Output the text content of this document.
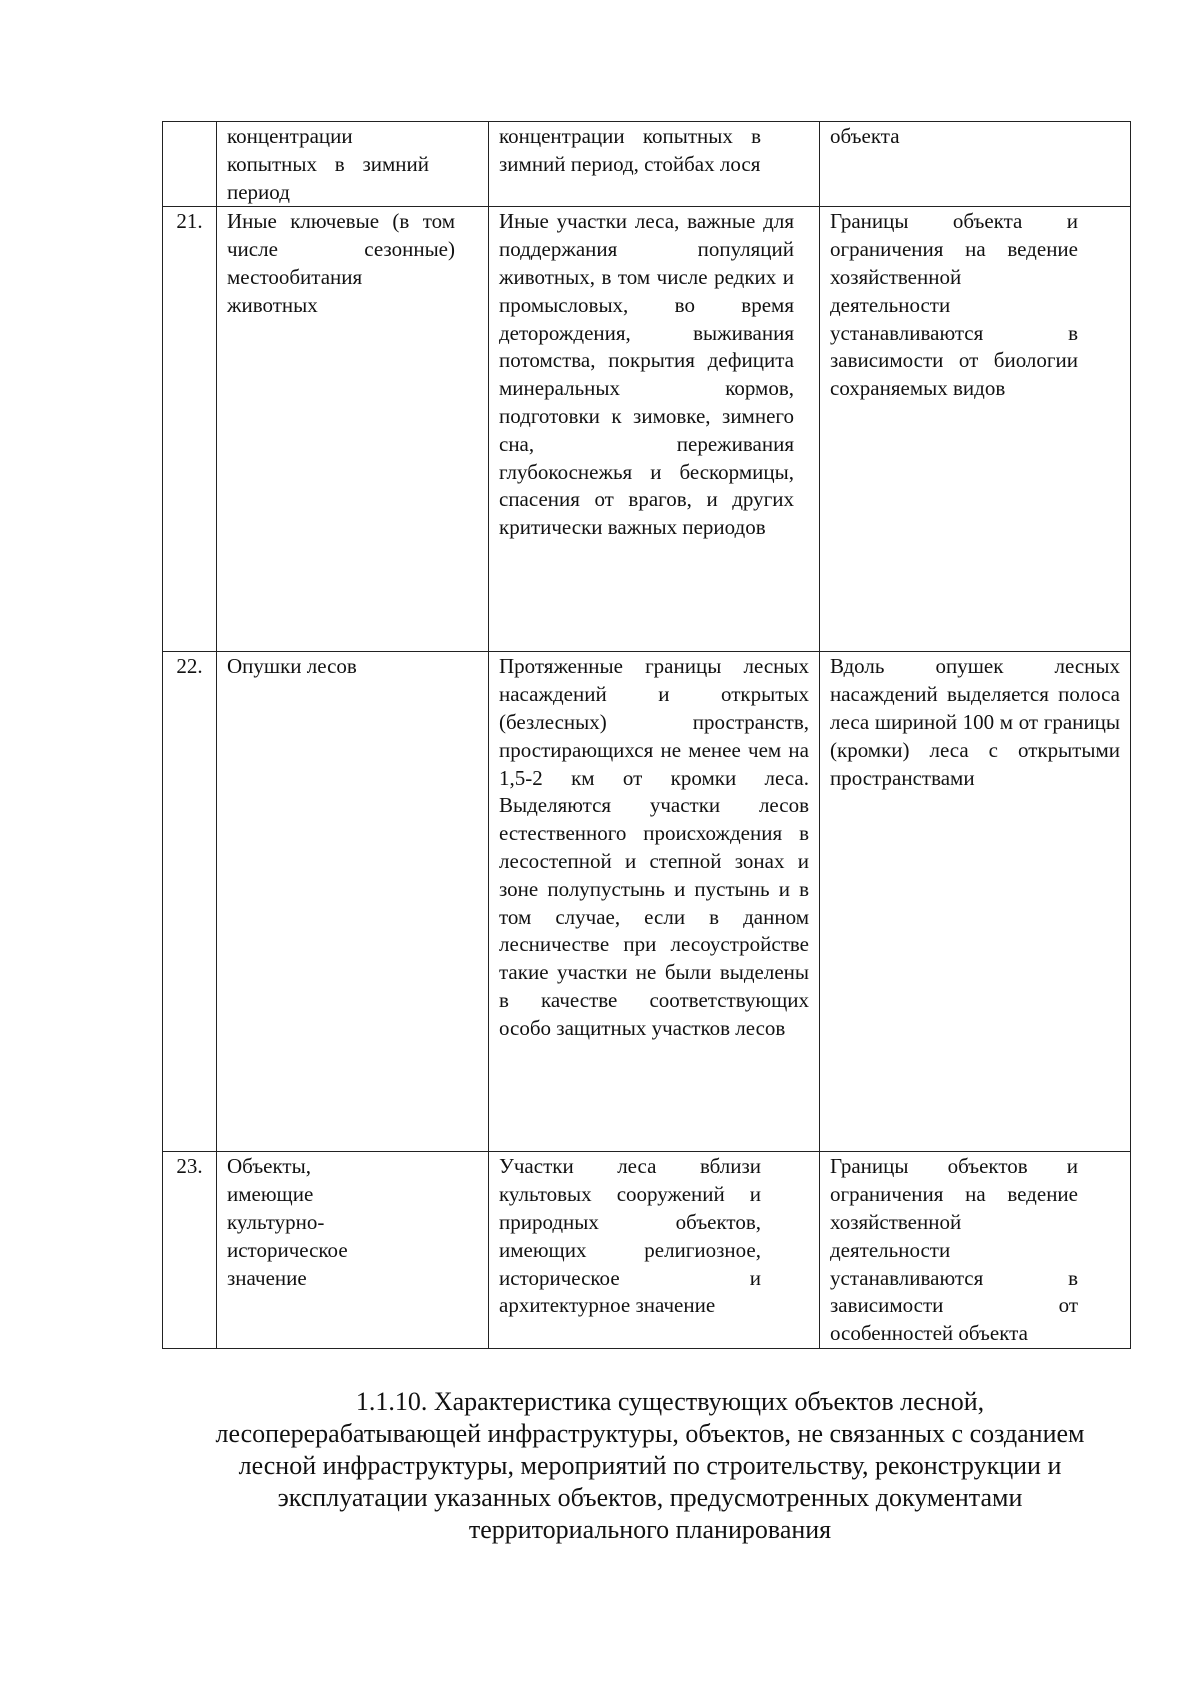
	концентрации копытных в зимний период	концентрации копытных в зимний период, стойбах лося	объекта
21.	Иные ключевые (в том числе сезонные) местообитания животных	Иные участки леса, важные для поддержания популяций животных, в том числе редких и промысловых, во время деторождения, выживания потомства, покрытия дефицита минеральных кормов, подготовки к зимовке, зимнего сна, переживания глубокоснежья и бескормицы, спасения от врагов, и других критически важных периодов	Границы объекта и ограничения на ведение хозяйственной деятельности устанавливаются в зависимости от биологии сохраняемых видов

22.	Опушки лесов	Протяженные границы лесных насаждений и открытых (безлесных) пространств, простирающихся не менее чем на 1,5-2 км от кромки леса. Выделяются участки лесов естественного происхождения в лесостепной и степной зонах и зоне полупустынь и пустынь и в том случае, если в данном лесничестве при лесоустройстве такие участки не были выделены в качестве соответствующих особо защитных участков лесов	Вдоль опушек лесных насаждений выделяется полоса леса шириной 100 м от границы (кромки) леса с открытыми пространствами
23.	Объекты, имеющие культурно-историческое значение	Участки леса вблизи культовых сооружений и природных объектов, имеющих религиозное, историческое и архитектурное значение	Границы объектов и ограничения на ведение хозяйственной деятельности устанавливаются в зависимости от особенностей объекта
1.1.10. Характеристика существующих объектов лесной,
лесоперерабатывающей инфраструктуры, объектов, не связанных с созданием лесной инфраструктуры, мероприятий по строительству, реконструкции и эксплуатации указанных объектов, предусмотренных документами территориального планирования
